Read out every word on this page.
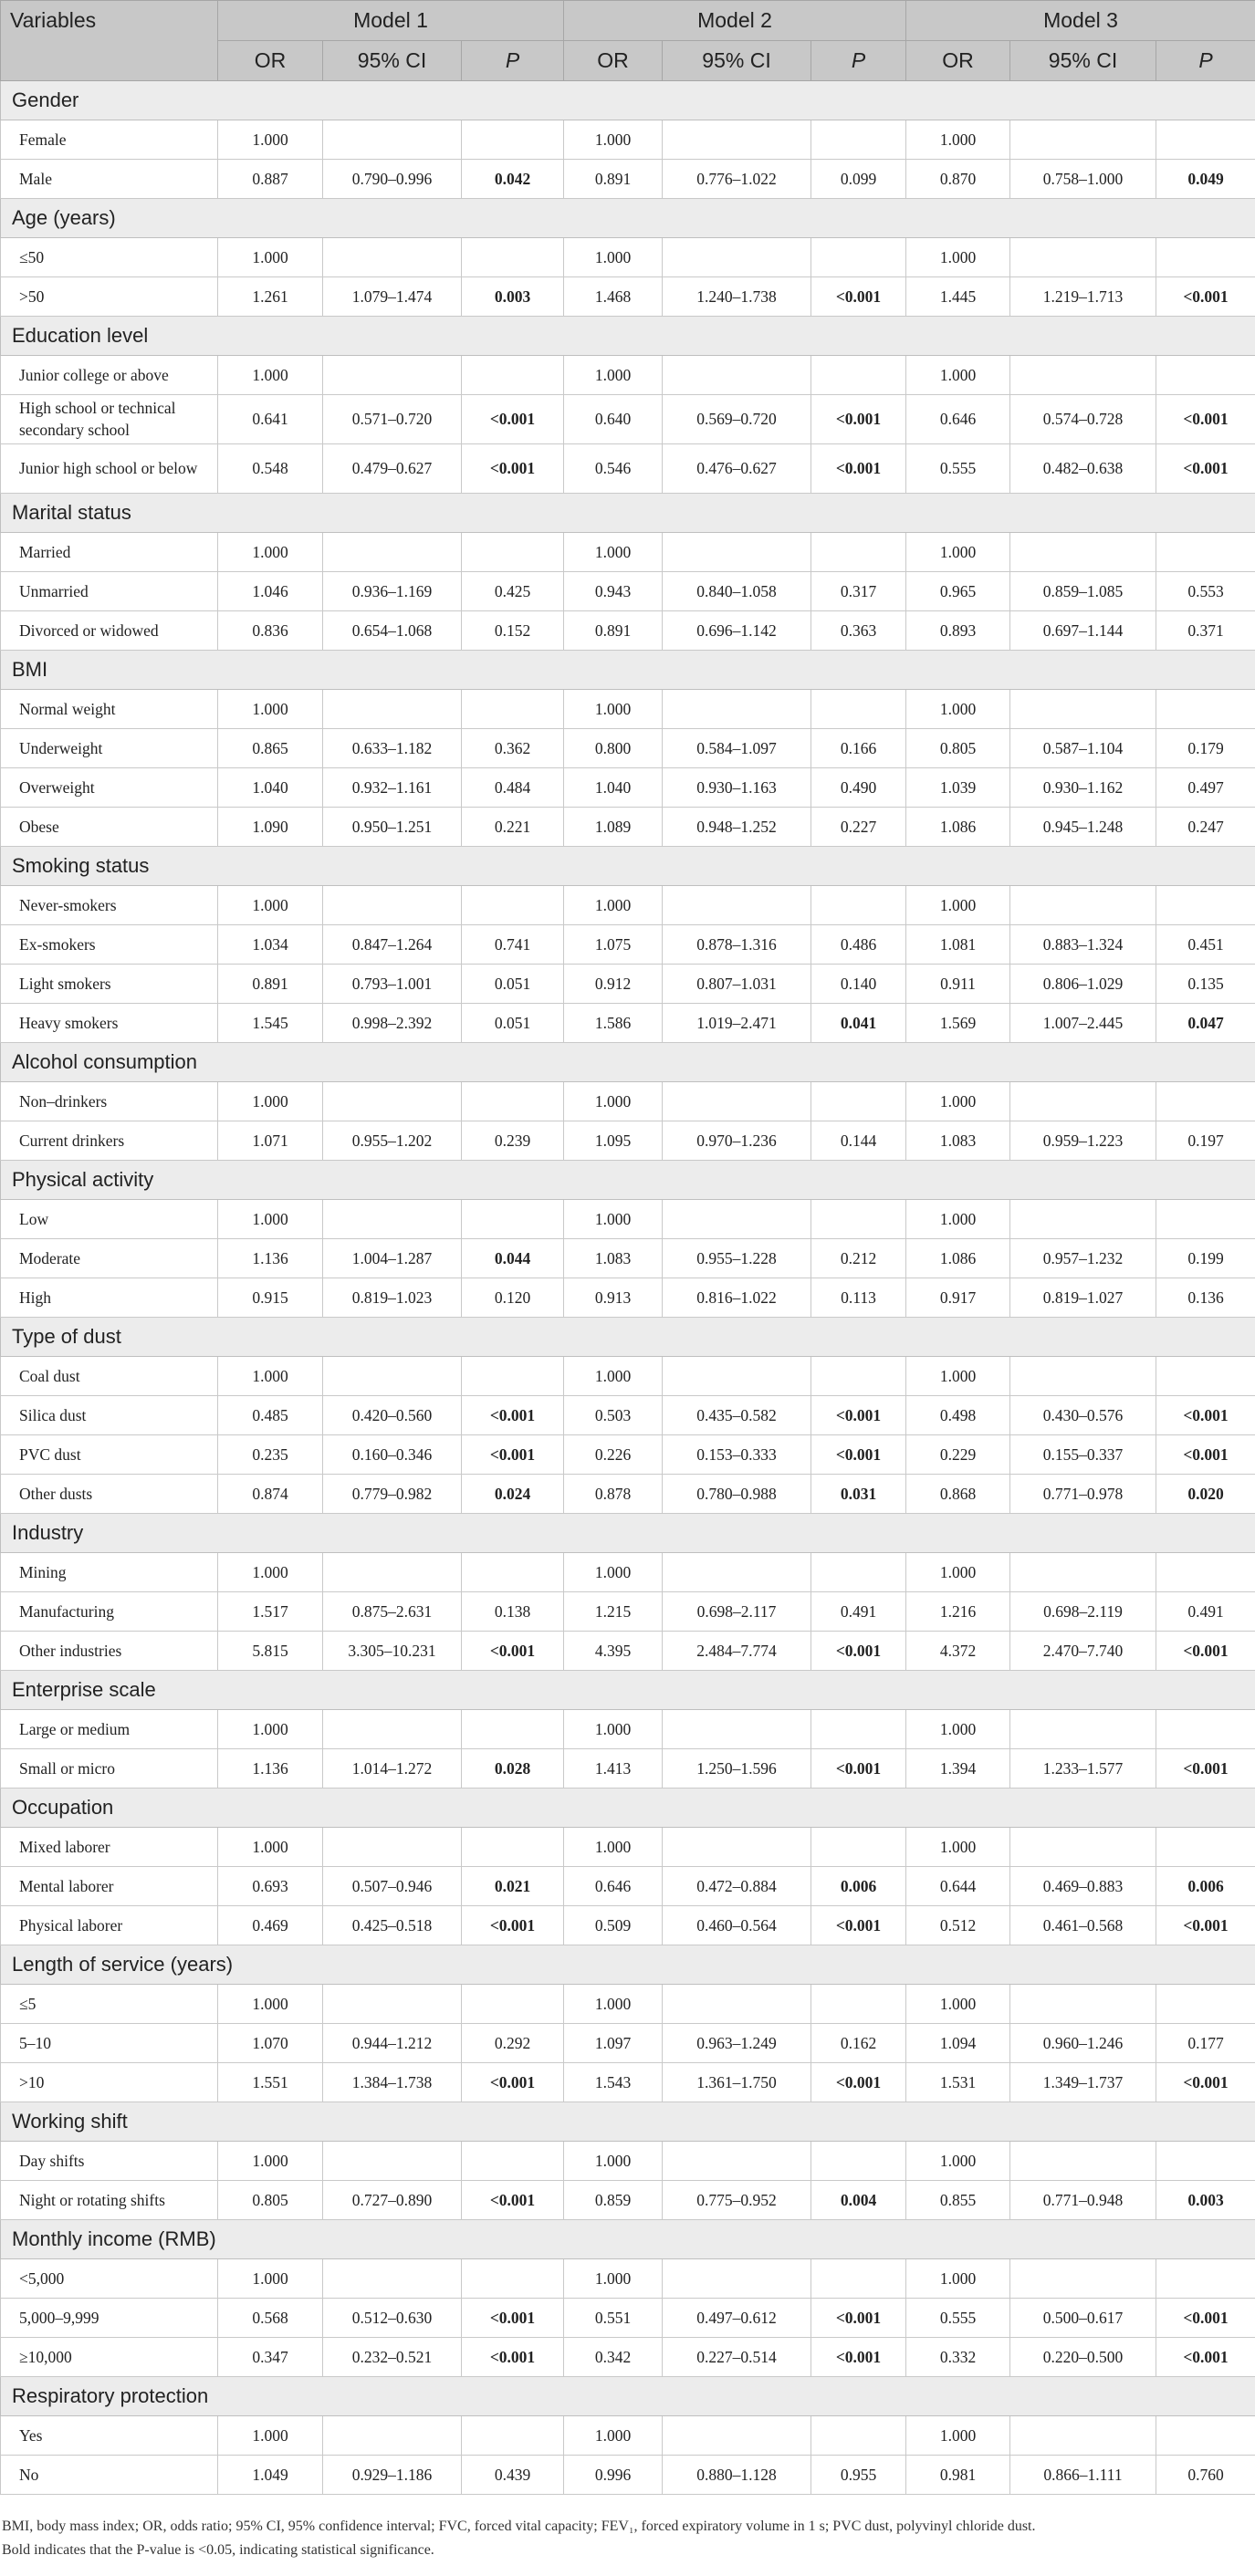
Variables	Model 1			Model 2			Model 3		
	OR	95% CI	P	OR	95% CI	P	OR	95% CI	P
Gender									
Female	1.000			1.000			1.000		
Male	0.887	0.790–0.996	0.042	0.891	0.776–1.022	0.099	0.870	0.758–1.000	0.049
Age (years)									
≤50	1.000			1.000			1.000		
>50	1.261	1.079–1.474	0.003	1.468	1.240–1.738	<0.001	1.445	1.219–1.713	<0.001
Education level									
Junior college or above	1.000			1.000			1.000		
High school or technical secondary school	0.641	0.571–0.720	<0.001	0.640	0.569–0.720	<0.001	0.646	0.574–0.728	<0.001
Junior high school or below	0.548	0.479–0.627	<0.001	0.546	0.476–0.627	<0.001	0.555	0.482–0.638	<0.001
Marital status									
Married	1.000			1.000			1.000		
Unmarried	1.046	0.936–1.169	0.425	0.943	0.840–1.058	0.317	0.965	0.859–1.085	0.553
Divorced or widowed	0.836	0.654–1.068	0.152	0.891	0.696–1.142	0.363	0.893	0.697–1.144	0.371
BMI									
Normal weight	1.000			1.000			1.000		
Underweight	0.865	0.633–1.182	0.362	0.800	0.584–1.097	0.166	0.805	0.587–1.104	0.179
Overweight	1.040	0.932–1.161	0.484	1.040	0.930–1.163	0.490	1.039	0.930–1.162	0.497
Obese	1.090	0.950–1.251	0.221	1.089	0.948–1.252	0.227	1.086	0.945–1.248	0.247
Smoking status									
Never-smokers	1.000			1.000			1.000		
Ex-smokers	1.034	0.847–1.264	0.741	1.075	0.878–1.316	0.486	1.081	0.883–1.324	0.451
Light smokers	0.891	0.793–1.001	0.051	0.912	0.807–1.031	0.140	0.911	0.806–1.029	0.135
Heavy smokers	1.545	0.998–2.392	0.051	1.586	1.019–2.471	0.041	1.569	1.007–2.445	0.047
Alcohol consumption									
Non–drinkers	1.000			1.000			1.000		
Current drinkers	1.071	0.955–1.202	0.239	1.095	0.970–1.236	0.144	1.083	0.959–1.223	0.197
Physical activity									
Low	1.000			1.000			1.000		
Moderate	1.136	1.004–1.287	0.044	1.083	0.955–1.228	0.212	1.086	0.957–1.232	0.199
High	0.915	0.819–1.023	0.120	0.913	0.816–1.022	0.113	0.917	0.819–1.027	0.136
Type of dust									
Coal dust	1.000			1.000			1.000		
Silica dust	0.485	0.420–0.560	<0.001	0.503	0.435–0.582	<0.001	0.498	0.430–0.576	<0.001
PVC dust	0.235	0.160–0.346	<0.001	0.226	0.153–0.333	<0.001	0.229	0.155–0.337	<0.001
Other dusts	0.874	0.779–0.982	0.024	0.878	0.780–0.988	0.031	0.868	0.771–0.978	0.020
Industry									
Mining	1.000			1.000			1.000		
Manufacturing	1.517	0.875–2.631	0.138	1.215	0.698–2.117	0.491	1.216	0.698–2.119	0.491
Other industries	5.815	3.305–10.231	<0.001	4.395	2.484–7.774	<0.001	4.372	2.470–7.740	<0.001
Enterprise scale									
Large or medium	1.000			1.000			1.000		
Small or micro	1.136	1.014–1.272	0.028	1.413	1.250–1.596	<0.001	1.394	1.233–1.577	<0.001
Occupation									
Mixed laborer	1.000			1.000			1.000		
Mental laborer	0.693	0.507–0.946	0.021	0.646	0.472–0.884	0.006	0.644	0.469–0.883	0.006
Physical laborer	0.469	0.425–0.518	<0.001	0.509	0.460–0.564	<0.001	0.512	0.461–0.568	<0.001
Length of service (years)									
≤5	1.000			1.000			1.000		
5–10	1.070	0.944–1.212	0.292	1.097	0.963–1.249	0.162	1.094	0.960–1.246	0.177
>10	1.551	1.384–1.738	<0.001	1.543	1.361–1.750	<0.001	1.531	1.349–1.737	<0.001
Working shift									
Day shifts	1.000			1.000			1.000		
Night or rotating shifts	0.805	0.727–0.890	<0.001	0.859	0.775–0.952	0.004	0.855	0.771–0.948	0.003
Monthly income (RMB)									
<5,000	1.000			1.000			1.000		
5,000–9,999	0.568	0.512–0.630	<0.001	0.551	0.497–0.612	<0.001	0.555	0.500–0.617	<0.001
≥10,000	0.347	0.232–0.521	<0.001	0.342	0.227–0.514	<0.001	0.332	0.220–0.500	<0.001
Respiratory protection									
Yes	1.000			1.000			1.000		
No	1.049	0.929–1.186	0.439	0.996	0.880–1.128	0.955	0.981	0.866–1.111	0.760

BMI, body mass index; OR, odds ratio; 95% CI, 95% confidence interval; FVC, forced vital capacity; FEV₁, forced expiratory volume in 1 s; PVC dust, polyvinyl chloride dust.

Bold indicates that the P-value is <0.05, indicating statistical significance.
